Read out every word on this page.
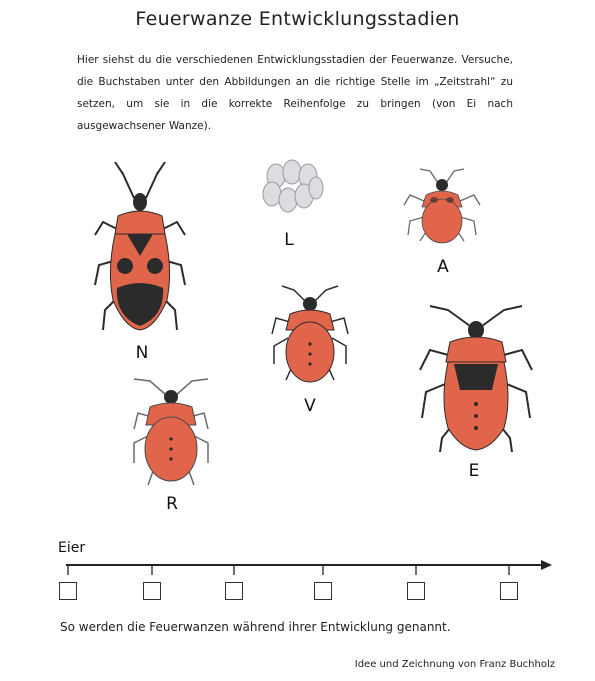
Feuerwanze Entwicklungsstadien
Hier siehst du die verschiedenen Entwicklungsstadien der Feuerwanze. Versuche, die Buchstaben unter den Abbildungen an die richtige Stelle im „Zeitstrahl“ zu setzen, um sie in die korrekte Reihenfolge zu bringen (von Ei nach ausgewachsener Wanze).
N
L
A
V
R
E
Eier
So werden die Feuerwanzen während ihrer Entwicklung genannt.
Idee und Zeichnung von Franz Buchholz
